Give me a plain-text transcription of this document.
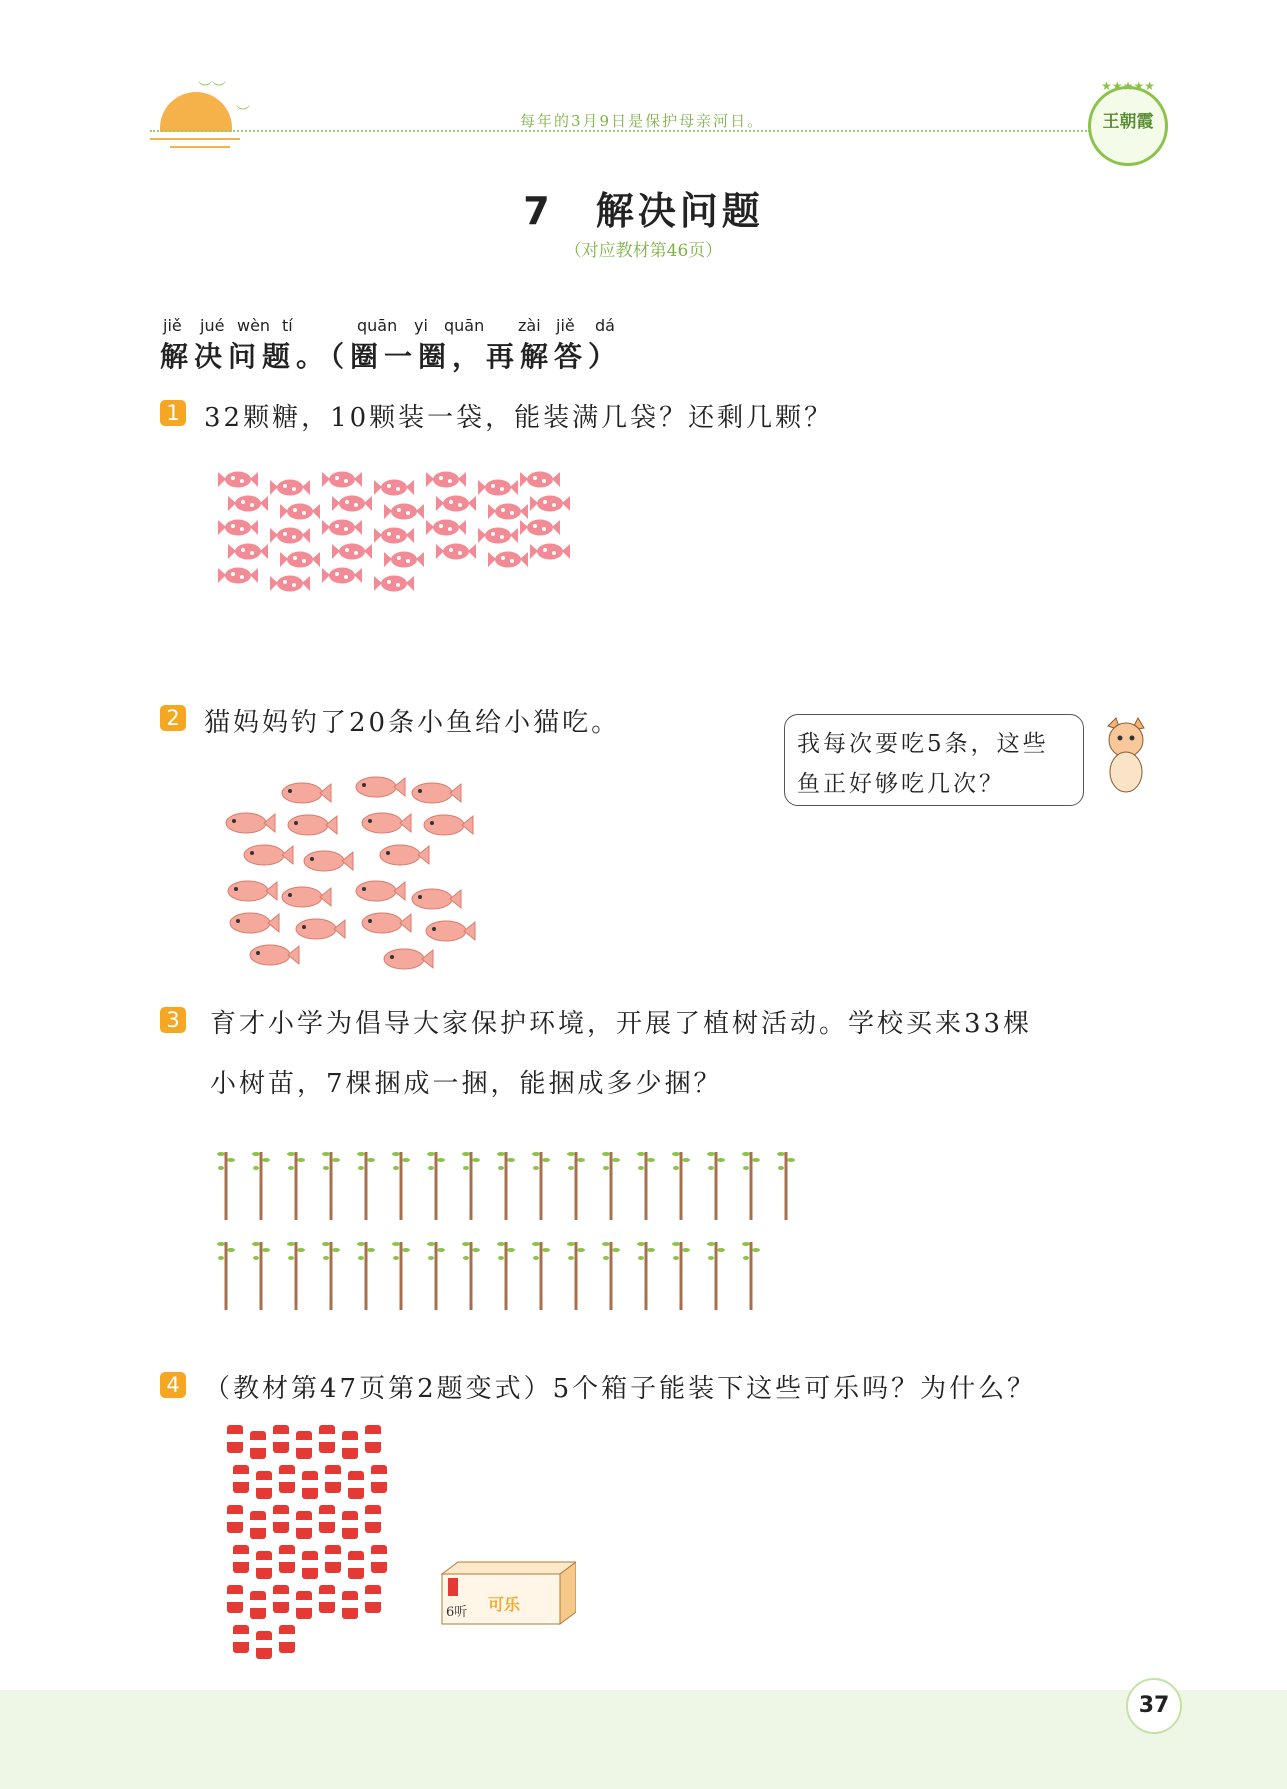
︶︶
︶	每年的3月9日是保护母亲河日。
★★★★★
王朝霞
7　解决问题
（对应教材第46页）
jiě jué wèn tí	quān yi quān zài jiě dá
解决问题。（圈一圈，再解答）
1 32颗糖，10颗装一袋，能装满几袋？还剩几颗？
2 猫妈妈钓了20条小鱼给小猫吃。
我每次要吃5条，这些
鱼正好够吃几次？
3 育才小学为倡导大家保护环境，开展了植树活动。学校买来33棵
小树苗，7棵捆成一捆，能捆成多少捆？
4 （教材第47页第2题变式）5个箱子能装下这些可乐吗？为什么？
6听 可乐
37
